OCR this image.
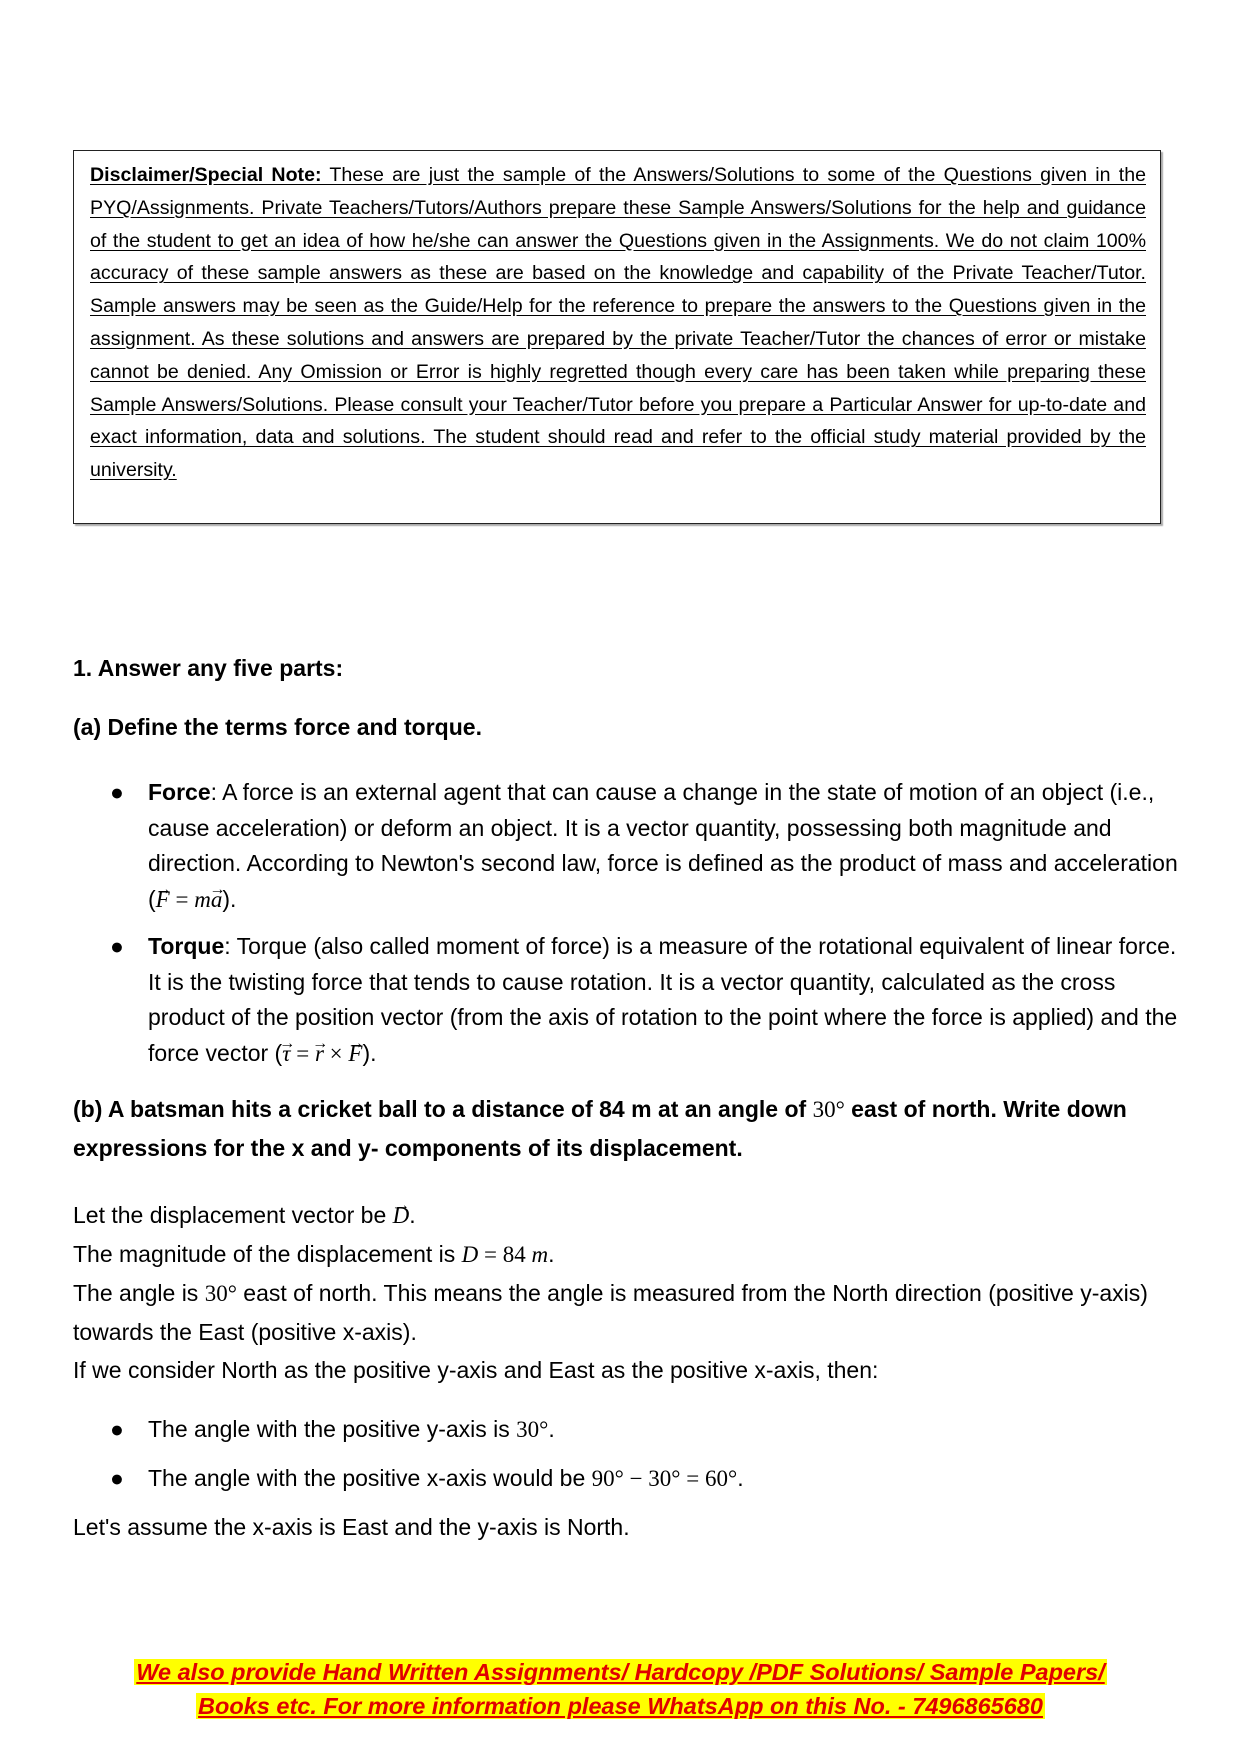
Disclaimer/Special Note: These are just the sample of the Answers/Solutions to some of the Questions given in the PYQ/Assignments. Private Teachers/Tutors/Authors prepare these Sample Answers/Solutions for the help and guidance of the student to get an idea of how he/she can answer the Questions given in the Assignments. We do not claim 100% accuracy of these sample answers as these are based on the knowledge and capability of the Private Teacher/Tutor. Sample answers may be seen as the Guide/Help for the reference to prepare the answers to the Questions given in the assignment. As these solutions and answers are prepared by the private Teacher/Tutor the chances of error or mistake cannot be denied. Any Omission or Error is highly regretted though every care has been taken while preparing these Sample Answers/Solutions. Please consult your Teacher/Tutor before you prepare a Particular Answer for up-to-date and exact information, data and solutions. The student should read and refer to the official study material provided by the university.
1. Answer any five parts:
(a) Define the terms force and torque.
● Force: A force is an external agent that can cause a change in the state of motion of an object (i.e., cause acceleration) or deform an object. It is a vector quantity, possessing both magnitude and direction. According to Newton's second law, force is defined as the product of mass and acceleration (→ F = m→ a).
● Torque: Torque (also called moment of force) is a measure of the rotational equivalent of linear force. It is the twisting force that tends to cause rotation. It is a vector quantity, calculated as the cross product of the position vector (from the axis of rotation to the point where the force is applied) and the force vector (→ τ = → r × → F).
(b) A batsman hits a cricket ball to a distance of 84 m at an angle of 30° east of north. Write down expressions for the x and y- components of its displacement.
Let the displacement vector be → D.
The magnitude of the displacement is D = 84 m.
The angle is 30° east of north. This means the angle is measured from the North direction (positive y-axis) towards the East (positive x-axis).
If we consider North as the positive y-axis and East as the positive x-axis, then:
● The angle with the positive y-axis is 30°.
● The angle with the positive x-axis would be 90° − 30° = 60°.
Let's assume the x-axis is East and the y-axis is North.
We also provide Hand Written Assignments/ Hardcopy /PDF Solutions/ Sample Papers/
Books etc. For more information please WhatsApp on this No. - 7496865680
